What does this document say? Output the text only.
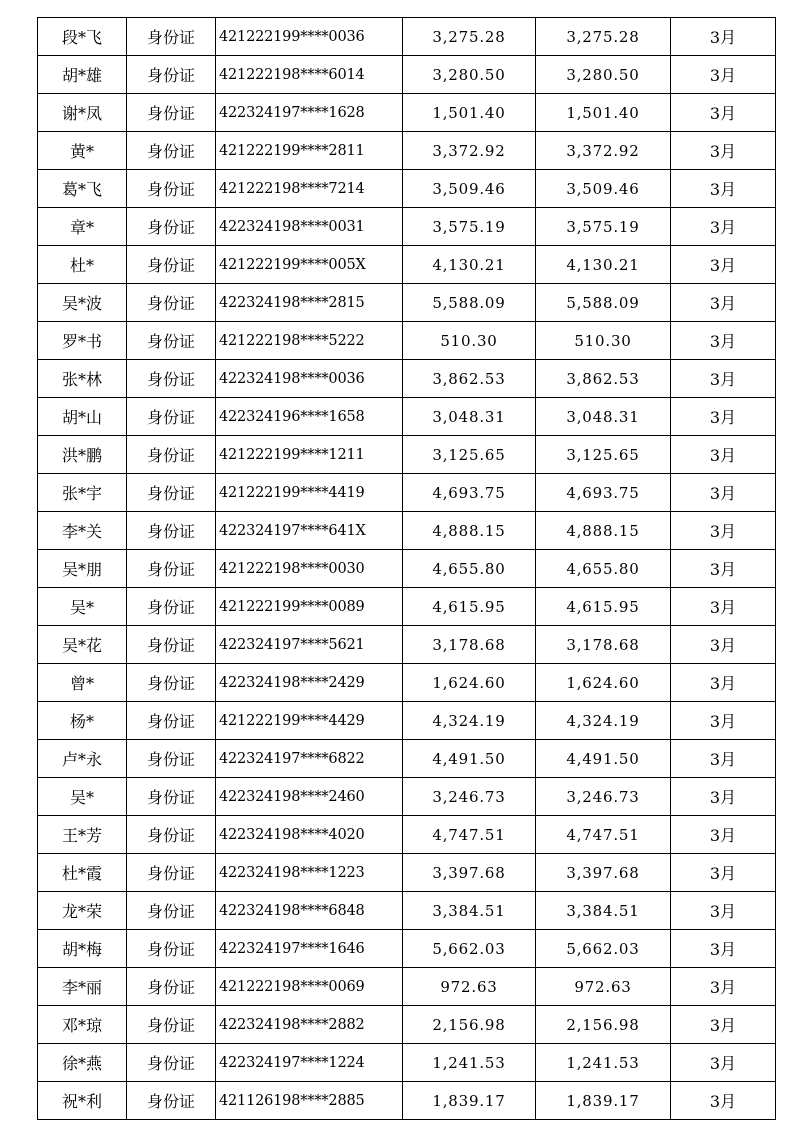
段*飞	身份证	421222199****0036	3,275.28	3,275.28	3月
胡*雄	身份证	421222198****6014	3,280.50	3,280.50	3月
谢*凤	身份证	422324197****1628	1,501.40	1,501.40	3月
黄*	身份证	421222199****2811	3,372.92	3,372.92	3月
葛*飞	身份证	421222198****7214	3,509.46	3,509.46	3月
章*	身份证	422324198****0031	3,575.19	3,575.19	3月
杜*	身份证	421222199****005X	4,130.21	4,130.21	3月
吴*波	身份证	422324198****2815	5,588.09	5,588.09	3月
罗*书	身份证	421222198****5222	510.30	510.30	3月
张*林	身份证	422324198****0036	3,862.53	3,862.53	3月
胡*山	身份证	422324196****1658	3,048.31	3,048.31	3月
洪*鹏	身份证	421222199****1211	3,125.65	3,125.65	3月
张*宇	身份证	421222199****4419	4,693.75	4,693.75	3月
李*关	身份证	422324197****641X	4,888.15	4,888.15	3月
吴*朋	身份证	421222198****0030	4,655.80	4,655.80	3月
吴*	身份证	421222199****0089	4,615.95	4,615.95	3月
吴*花	身份证	422324197****5621	3,178.68	3,178.68	3月
曾*	身份证	422324198****2429	1,624.60	1,624.60	3月
杨*	身份证	421222199****4429	4,324.19	4,324.19	3月
卢*永	身份证	422324197****6822	4,491.50	4,491.50	3月
吴*	身份证	422324198****2460	3,246.73	3,246.73	3月
王*芳	身份证	422324198****4020	4,747.51	4,747.51	3月
杜*霞	身份证	422324198****1223	3,397.68	3,397.68	3月
龙*荣	身份证	422324198****6848	3,384.51	3,384.51	3月
胡*梅	身份证	422324197****1646	5,662.03	5,662.03	3月
李*丽	身份证	421222198****0069	972.63	972.63	3月
邓*琼	身份证	422324198****2882	2,156.98	2,156.98	3月
徐*燕	身份证	422324197****1224	1,241.53	1,241.53	3月
祝*利	身份证	421126198****2885	1,839.17	1,839.17	3月
